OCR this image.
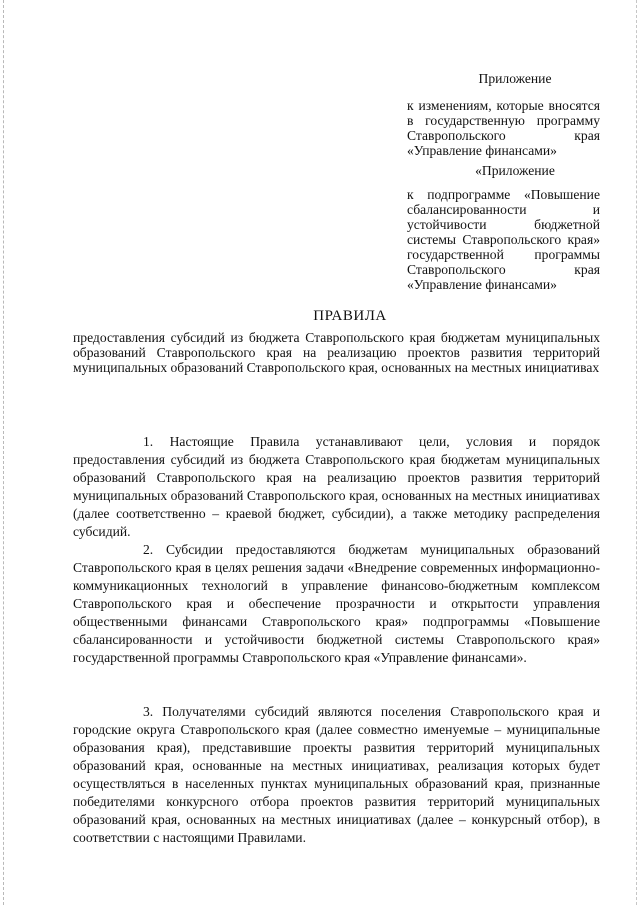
Приложение

к изменениям, которые вносятся в государственную программу Ставропольского края «Управление финансами»

«Приложение

к подпрограмме «Повышение сбалансированности и устойчивости бюджетной системы Ставропольского края» государственной программы Ставропольского края «Управление финансами»

ПРАВИЛА

предоставления субсидий из бюджета Ставропольского края бюджетам муниципальных образований Ставропольского края на реализацию проектов развития территорий муниципальных образований Ставропольского края, основанных на местных инициативах

1. Настоящие Правила устанавливают цели, условия и порядок предоставления субсидий из бюджета Ставропольского края бюджетам муниципальных образований Ставропольского края на реализацию проектов развития территорий муниципальных образований Ставропольского края, основанных на местных инициативах (далее соответственно – краевой бюджет, субсидии), а также методику распределения субсидий.

2. Субсидии предоставляются бюджетам муниципальных образований Ставропольского края в целях решения задачи «Внедрение современных информационно-коммуникационных технологий в управление финансово-бюджетным комплексом Ставропольского края и обеспечение прозрачности и открытости управления общественными финансами Ставропольского края» подпрограммы «Повышение сбалансированности и устойчивости бюджетной системы Ставропольского края» государственной программы Ставропольского края «Управление финансами».

3. Получателями субсидий являются поселения Ставропольского края и городские округа Ставропольского края (далее совместно именуемые – муниципальные образования края), представившие проекты развития территорий муниципальных образований края, основанные на местных инициативах, реализация которых будет осуществляться в населенных пунктах муниципальных образований края, признанные победителями конкурсного отбора проектов развития территорий муниципальных образований края, основанных на местных инициативах (далее – конкурсный отбор), в соответствии с настоящими Правилами.
